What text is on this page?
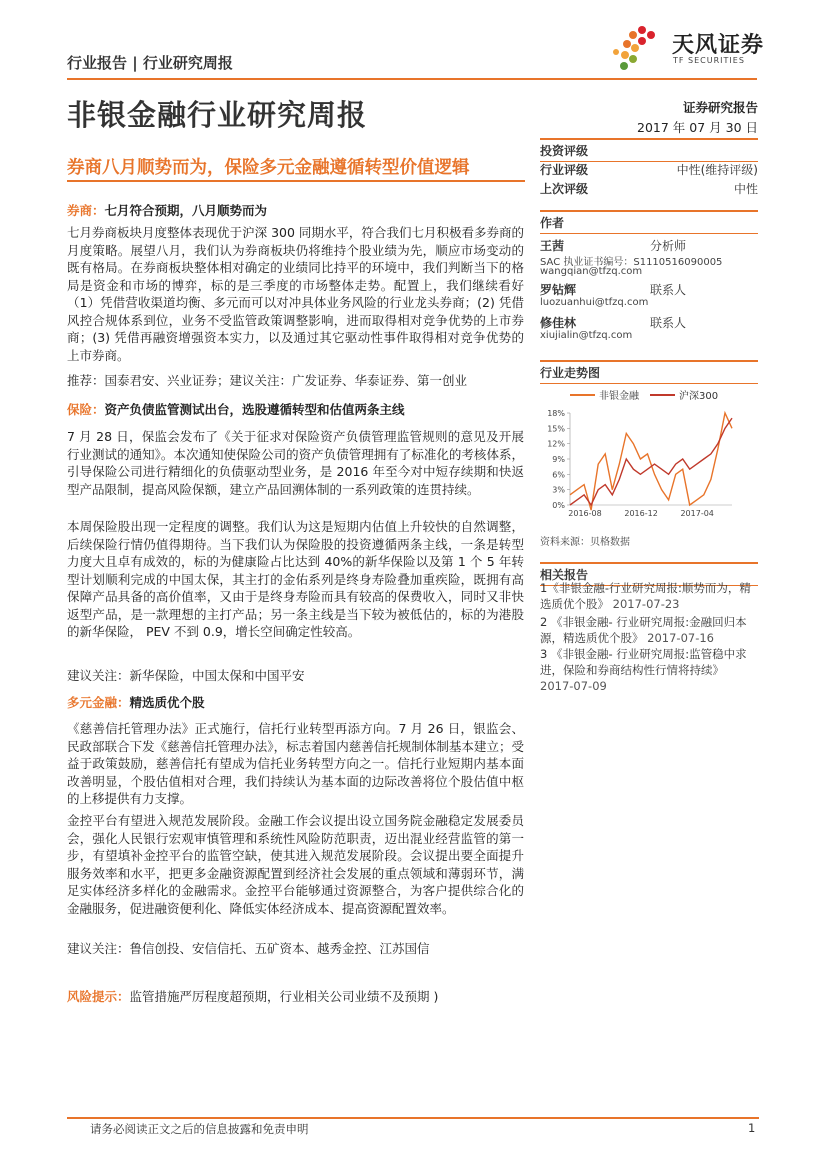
行业报告 | 行业研究周报
天风证券
TF SECURITIES
非银金融行业研究周报	证券研究报告
2017 年 07 月 30 日
券商八月顺势而为，保险多元金融遵循转型价值逻辑
投资评级
行业评级	中性(维持评级)
上次评级	中性
作者
王茜	分析师
SAC 执业证书编号：S1110516090005
wangqian@tfzq.com
罗钻辉	联系人
luozuanhui@tfzq.com
修佳林	联系人
xiujialin@tfzq.com
行业走势图
非银金融	沪深300
0%
3%
6%
9%
12%
15%
18%
2016-08	2016-12	2017-04
资料来源：贝格数据
相关报告

1《非银金融-行业研究周报:顺势而为，精选质优个股》 2017-07-23

2 《非银金融- 行业研究周报:金融回归本源，精选质优个股》 2017-07-16

3 《非银金融- 行业研究周报:监管稳中求进，保险和券商结构性行情将持续》 2017-07-09

券商：七月符合预期，八月顺势而为

七月券商板块月度整体表现优于沪深 300 同期水平，符合我们七月积极看多券商的月度策略。展望八月，我们认为券商板块仍将维持个股业绩为先，顺应市场变动的既有格局。在券商板块整体相对确定的业绩同比持平的环境中，我们判断当下的格局是资金和市场的博弈，标的是三季度的市场整体走势。配置上，我们继续看好（1）凭借营收渠道均衡、多元而可以对冲具体业务风险的行业龙头券商；(2) 凭借风控合规体系到位，业务不受监管政策调整影响，进而取得相对竞争优势的上市券商；(3) 凭借再融资增强资本实力，以及通过其它驱动性事件取得相对竞争优势的上市券商。

推荐：国泰君安、兴业证券；建议关注：广发证券、华泰证券、第一创业

保险：资产负债监管测试出台，选股遵循转型和估值两条主线

7 月 28 日，保监会发布了《关于征求对保险资产负债管理监管规则的意见及开展行业测试的通知》。本次通知使保险公司的资产负债管理拥有了标准化的考核体系，引导保险公司进行精细化的负债驱动型业务，是 2016 年至今对中短存续期和快返型产品限制，提高风险保额，建立产品回溯体制的一系列政策的连贯持续。

本周保险股出现一定程度的调整。我们认为这是短期内估值上升较快的自然调整，后续保险行情仍值得期待。当下我们认为保险股的投资遵循两条主线，一条是转型力度大且卓有成效的，标的为健康险占比达到 40%的新华保险以及第 1 个 5 年转型计划顺利完成的中国太保，其主打的金佑系列是终身寿险叠加重疾险，既拥有高保障产品具备的高价值率，又由于是终身寿险而具有较高的保费收入，同时又非快返型产品，是一款理想的主打产品；另一条主线是当下较为被低估的，标的为港股的新华保险， PEV 不到 0.9，增长空间确定性较高。

建议关注：新华保险，中国太保和中国平安

多元金融：精选质优个股

《慈善信托管理办法》正式施行，信托行业转型再添方向。7 月 26 日，银监会、民政部联合下发《慈善信托管理办法》，标志着国内慈善信托规制体制基本建立；受益于政策鼓励，慈善信托有望成为信托业务转型方向之一。信托行业短期内基本面改善明显，个股估值相对合理，我们持续认为基本面的边际改善将位个股估值中枢的上移提供有力支撑。

金控平台有望进入规范发展阶段。金融工作会议提出设立国务院金融稳定发展委员会，强化人民银行宏观审慎管理和系统性风险防范职责，迈出混业经营监管的第一步，有望填补金控平台的监管空缺，使其进入规范发展阶段。会议提出要全面提升服务效率和水平，把更多金融资源配置到经济社会发展的重点领域和薄弱环节，满足实体经济多样化的金融需求。金控平台能够通过资源整合，为客户提供综合化的金融服务，促进融资便利化、降低实体经济成本、提高资源配置效率。

建议关注：鲁信创投、安信信托、五矿资本、越秀金控、江苏国信

风险提示：监管措施严厉程度超预期，行业相关公司业绩不及预期 )
请务必阅读正文之后的信息披露和免责申明	1
